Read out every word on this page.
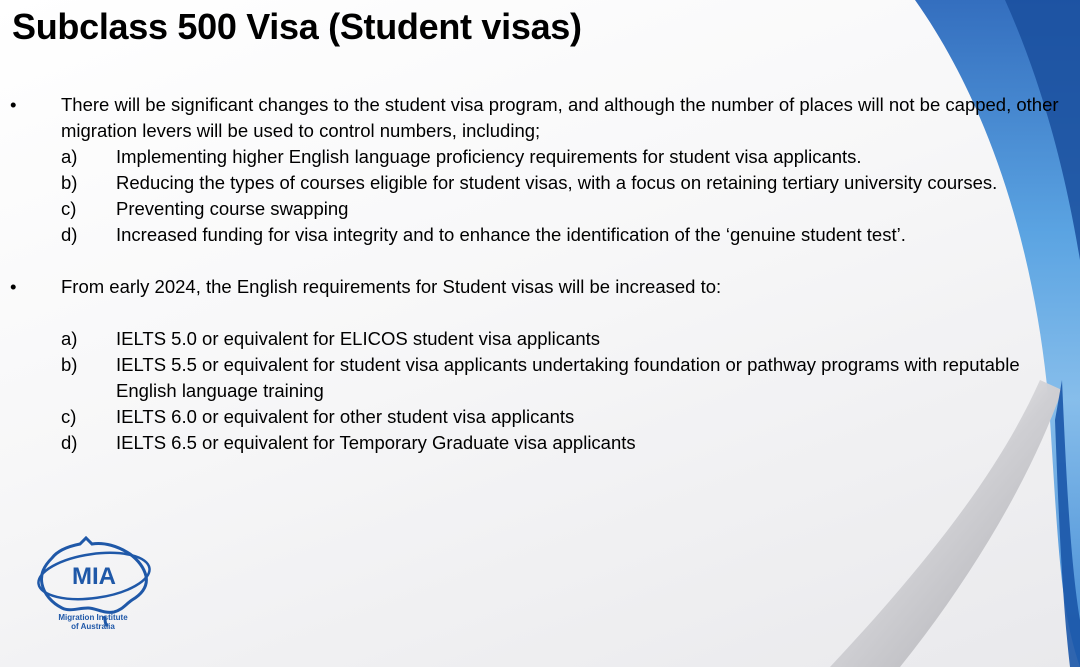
Subclass 500 Visa (Student visas)
• There will be significant changes to the student visa program, and although the number of places will not be capped, other migration levers will be used to control numbers, including;
a) Implementing higher English language proficiency requirements for student visa applicants.
b) Reducing the types of courses eligible for student visas, with a focus on retaining tertiary university courses.
c) Preventing course swapping
d) Increased funding for visa integrity and to enhance the identification of the ‘genuine student test’.
• From early 2024, the English requirements for Student visas will be increased to:
a) IELTS 5.0 or equivalent for ELICOS student visa applicants
b) IELTS 5.5 or equivalent for student visa applicants undertaking foundation or pathway programs with reputable English language training
c) IELTS 6.0 or equivalent for other student visa applicants
d) IELTS 6.5 or equivalent for Temporary Graduate visa applicants
MIA
Migration Institute
of Australia
